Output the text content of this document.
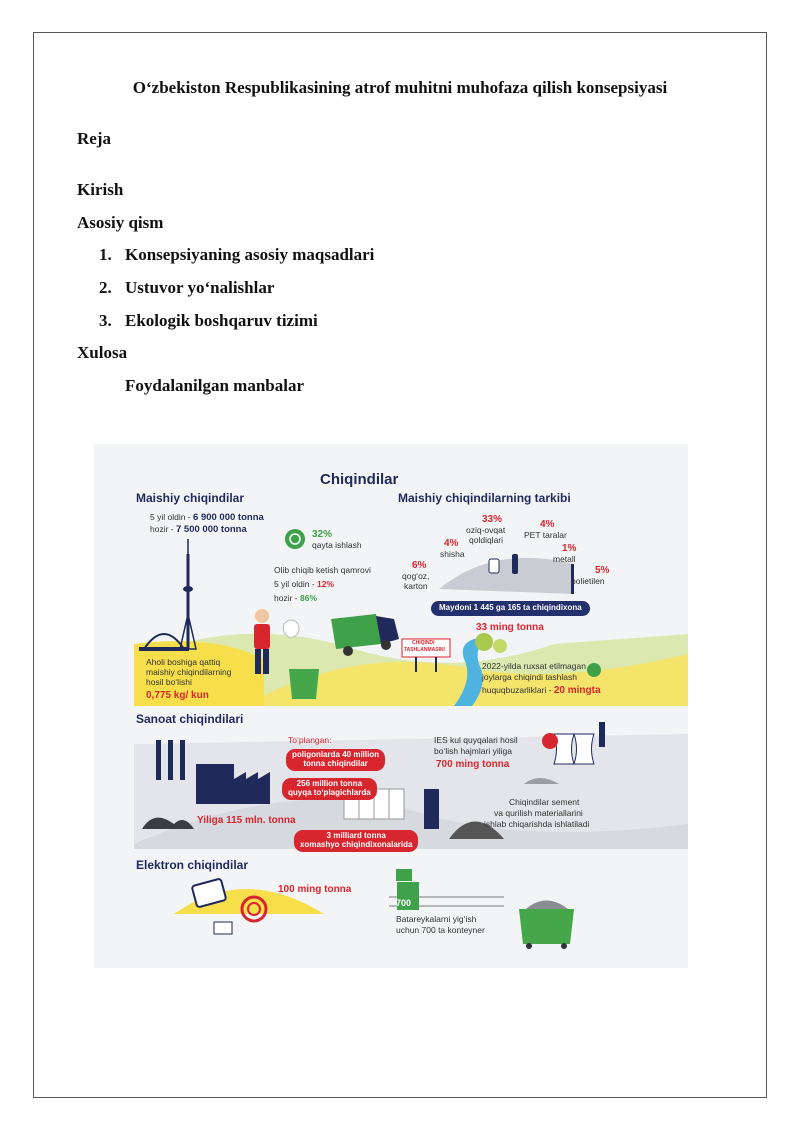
O‘zbekiston Respublikasining atrof muhitni muhofaza qilish konsepsiyasi
Reja
Kirish
Asosiy qism
1. Konsepsiyaning asosiy maqsadlari
2. Ustuvor yo‘nalishlar
3. Ekologik boshqaruv tizimi
Xulosa
Foydalanilgan manbalar
Chiqindilar
Maishiy chiqindilar
5 yil oldin - 6 900 000 tonna
hozir - 7 500 000 tonna	32%
qayta ishlash
Olib chiqib ketish qamrovi
5 yil oldin - 12%
hozir - 86%
Aholi boshiga qattiq
maishiy chiqindilarning
hosil bo‘lishi
0,775 kg/ kun
Maishiy chiqindilarning tarkibi
33%
oziq-ovqat
qoldiqlari
4%
PET taralar
4%
shisha	1%
metall
6%
qog‘oz,
karton
5%
polietilen
Maydoni 1 445 ga 165 ta chiqindixona
33 ming tonna
CHIQINDI
TASHLANMASIN!
2022-yilda ruxsat etilmagan
joylarga chiqindi tashlash
huquqbuzarliklari - 20 mingta
Sanoat chiqindilari
To‘plangan:
poligonlarda 40 million
tonna chiqindilar
256 million tonna
quyqa to‘plagichlarda
Yiliga 115 mln. tonna
3 milliard tonna
xomashyo chiqindixonalarida
IES kul quyqalari hosil
bo‘lish hajmlari yiliga
700 ming tonna
Chiqindilar sement
va qurilish materiallarini
ishlab chiqarishda ishlatiladi
Elektron chiqindilar
100 ming tonna
700
Batareykalarni yig‘ish
uchun 700 ta konteyner
